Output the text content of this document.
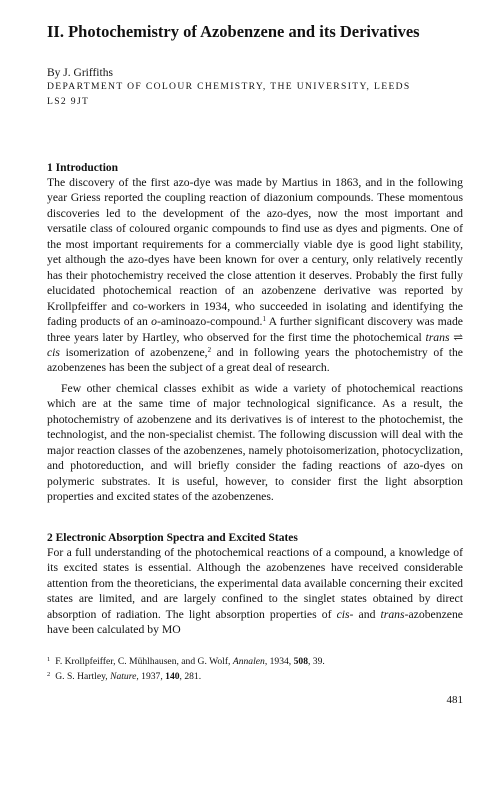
II. Photochemistry of Azobenzene and its Derivatives
By J. Griffiths
DEPARTMENT OF COLOUR CHEMISTRY, THE UNIVERSITY, LEEDS
LS2 9JT
1 Introduction

The discovery of the first azo-dye was made by Martius in 1863, and in the following year Griess reported the coupling reaction of diazonium compounds. These momentous discoveries led to the development of the azo-dyes, now the most important and versatile class of coloured organic compounds to find use as dyes and pigments. One of the most important requirements for a commercially viable dye is good light stability, yet although the azo-dyes have been known for over a century, only relatively recently has their photochemistry received the close attention it deserves. Probably the first fully elucidated photochemical reaction of an azobenzene derivative was reported by Krollpfeiffer and co-workers in 1934, who succeeded in isolating and identifying the fading products of an o-aminoazo-compound.$^1$ A further significant discovery was made three years later by Hartley, who observed for the first time the photochemical trans ⇌ cis isomerization of azobenzene,$^2$ and in following years the photochemistry of the azobenzenes has been the subject of a great deal of research.

Few other chemical classes exhibit as wide a variety of photochemical reactions which are at the same time of major technological significance. As a result, the photochemistry of azobenzene and its derivatives is of interest to the photochemist, the technologist, and the non-specialist chemist. The following discussion will deal with the major reaction classes of the azobenzenes, namely photoisomerization, photocyclization, and photoreduction, and will briefly consider the fading reactions of azo-dyes on polymeric substrates. It is useful, however, to consider first the light absorption properties and excited states of the azobenzenes.

2 Electronic Absorption Spectra and Excited States

For a full understanding of the photochemical reactions of a compound, a knowledge of its excited states is essential. Although the azobenzenes have received considerable attention from the theoreticians, the experimental data available concerning their excited states are limited, and are largely confined to the singlet states obtained by direct absorption of radiation. The light absorption properties of cis- and trans-azobenzene have been calculated by MO

$^1$ F. Krollpfeiffer, C. Mühlhausen, and G. Wolf, Annalen, 1934, 508, 39.
$^2$ G. S. Hartley, Nature, 1937, 140, 281.
481
